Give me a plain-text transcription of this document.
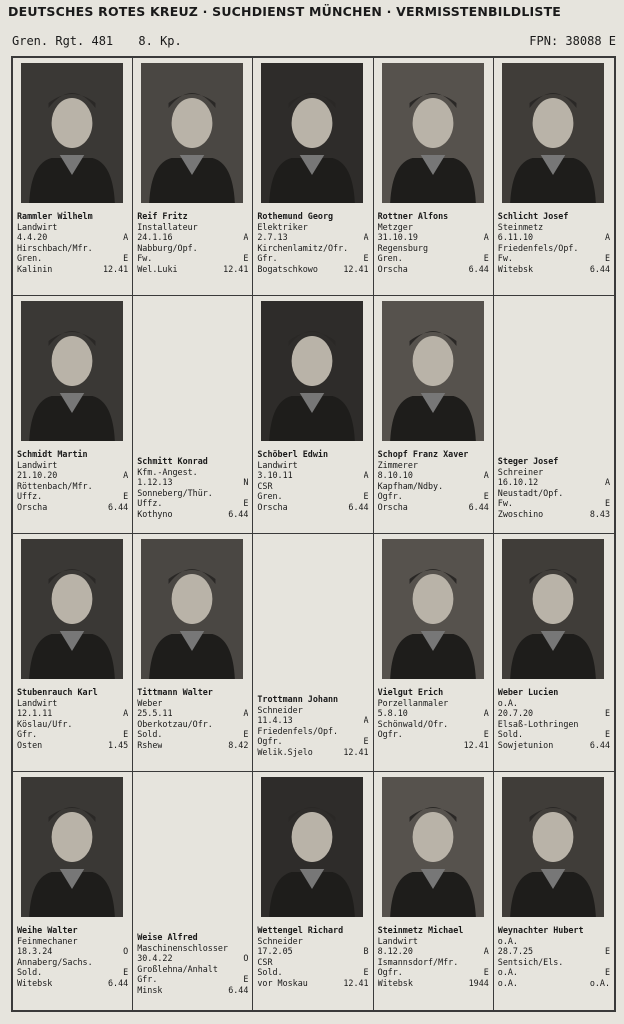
DEUTSCHES ROTES KREUZ · SUCHDIENST MÜNCHEN · VERMISSTENBILDLISTE
Gren. Rgt. 481 8. Kp.	FPN: 38088 E
Rammler Wilhelm
Landwirt
4.4.20	A
Hirschbach/Mfr.
Gren.	E
Kalinin	12.41
Reif Fritz
Installateur
24.1.16	A
Nabburg/Opf.
Fw.	E
Wel.Luki	12.41
Rothemund Georg
Elektriker
2.7.13	A
Kirchenlamitz/Ofr.
Gfr.	E
Bogatschkowo	12.41
Rottner Alfons
Metzger
31.10.19	A
Regensburg
Gren.	E
Orscha	6.44
Schlicht Josef
Steinmetz
6.11.10	A
Friedenfels/Opf.
Fw.	E
Witebsk	6.44
Schmidt Martin
Landwirt
21.10.20	A
Röttenbach/Mfr.
Uffz.	E
Orscha	6.44
Schmitt Konrad
Kfm.-Angest.
1.12.13	N
Sonneberg/Thür.
Uffz.	E
Kothyno	6.44
Schöberl Edwin
Landwirt
3.10.11	A
CSR
Gren.	E
Orscha	6.44
Schopf Franz Xaver
Zimmerer
8.10.10	A
Kapfham/Ndby.
Ogfr.	E
Orscha	6.44
Steger Josef
Schreiner
16.10.12	A
Neustadt/Opf.
Fw.	E
Zwoschino	8.43
Stubenrauch Karl
Landwirt
12.1.11	A
Köslau/Ufr.
Gfr.	E
Osten	1.45
Tittmann Walter
Weber
25.5.11	A
Oberkotzau/Ofr.
Sold.	E
Rshew	8.42
Trottmann Johann
Schneider
11.4.13	A
Friedenfels/Opf.
Ogfr.	E
Welik.Sjelo	12.41
Vielgut Erich
Porzellanmaler
5.8.10	A
Schönwald/Ofr.
Ogfr.	E
12.41
Weber Lucien
o.A.
20.7.20	E
Elsaß-Lothringen
Sold.	E
Sowjetunion	6.44
Weihe Walter
Feinmechaner
18.3.24	O
Annaberg/Sachs.
Sold.	E
Witebsk	6.44
Weise Alfred
Maschinenschlosser
30.4.22	O
Großlehna/Anhalt
Gfr.	E
Minsk	6.44
Wettengel Richard
Schneider
17.2.05	B
CSR
Sold.	E
vor Moskau	12.41
Steinmetz Michael
Landwirt
8.12.20	A
Ismannsdorf/Mfr.
Ogfr.	E
Witebsk	1944
Weynachter Hubert
o.A.
28.7.25	E
Sentsich/Els.
o.A.	E
o.A.	o.A.
